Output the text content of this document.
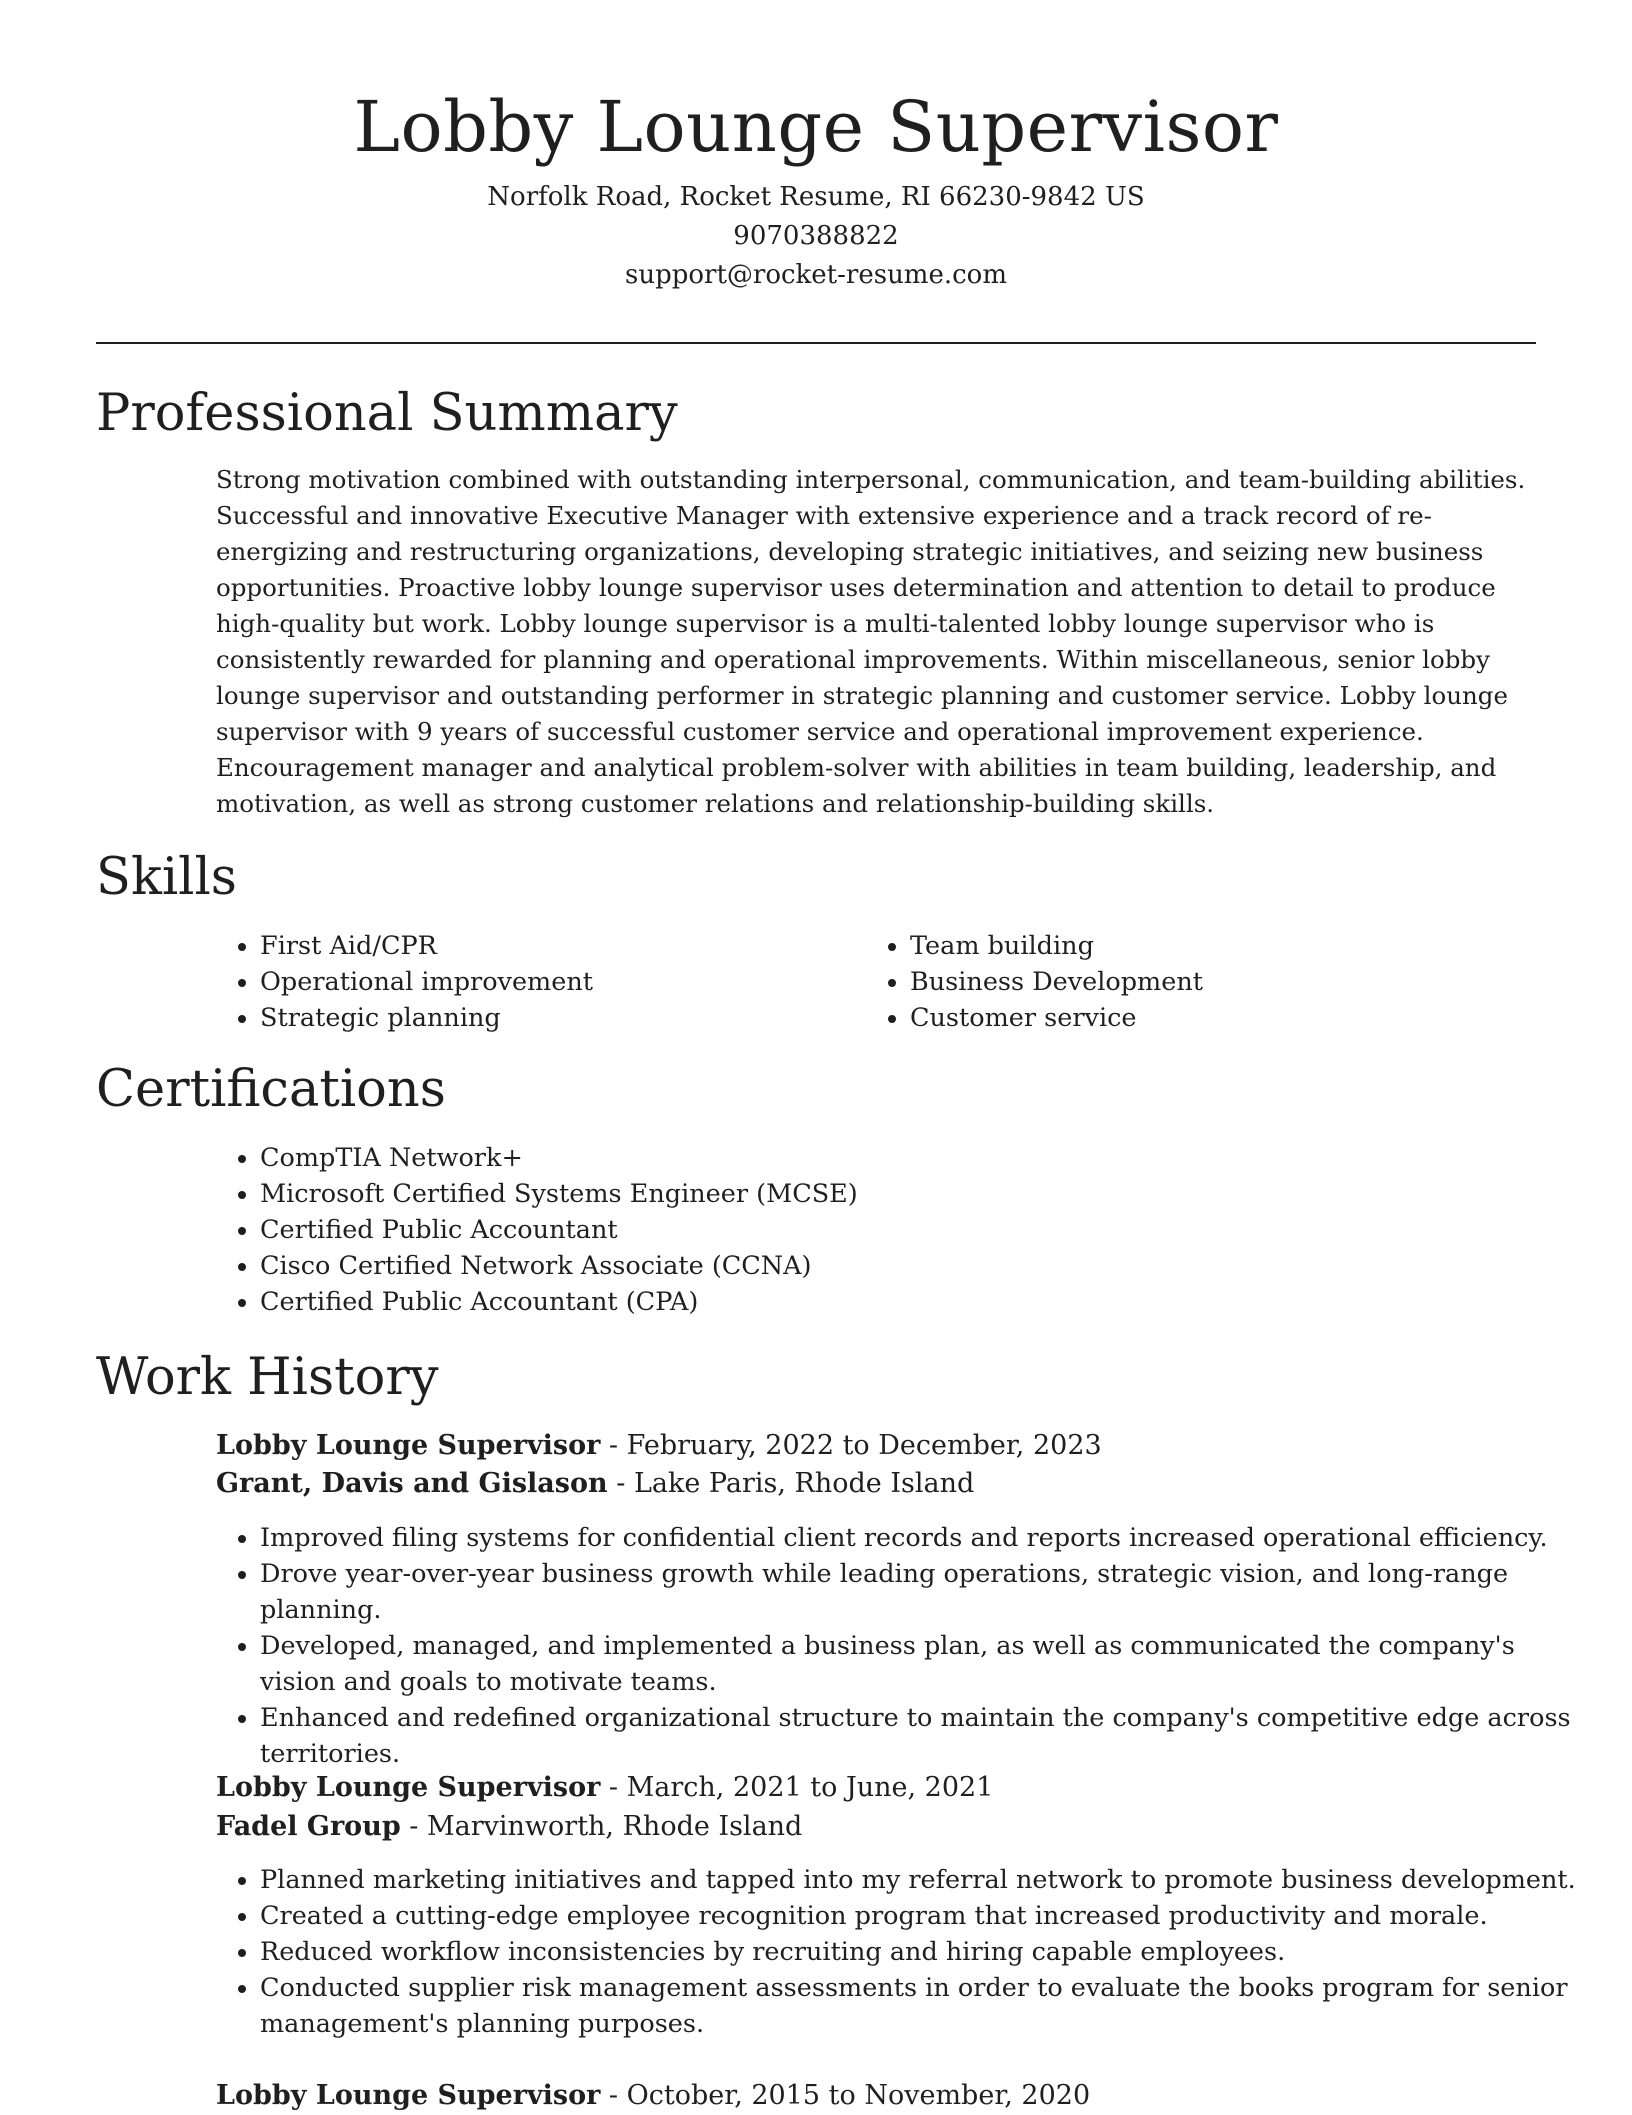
Lobby Lounge Supervisor
Norfolk Road, Rocket Resume, RI 66230-9842 US
9070388822
support@rocket-resume.com
Professional Summary

Strong motivation combined with outstanding interpersonal, communication, and team-building abilities. Successful and innovative Executive Manager with extensive experience and a track record of re-energizing and restructuring organizations, developing strategic initiatives, and seizing new business opportunities. Proactive lobby lounge supervisor uses determination and attention to detail to produce high-quality but work. Lobby lounge supervisor is a multi-talented lobby lounge supervisor who is consistently rewarded for planning and operational improvements. Within miscellaneous, senior lobby lounge supervisor and outstanding performer in strategic planning and customer service. Lobby lounge supervisor with 9 years of successful customer service and operational improvement experience. Encouragement manager and analytical problem-solver with abilities in team building, leadership, and motivation, as well as strong customer relations and relationship-building skills.

Skills
• First Aid/CPR
• Operational improvement
• Strategic planning
• Team building
• Business Development
• Customer service
Certifications
• CompTIA Network+
• Microsoft Certified Systems Engineer (MCSE)
• Certified Public Accountant
• Cisco Certified Network Associate (CCNA)
• Certified Public Accountant (CPA)
Work History
Lobby Lounge Supervisor - February, 2022 to December, 2023
Grant, Davis and Gislason - Lake Paris, Rhode Island
• Improved filing systems for confidential client records and reports increased operational efficiency.
• Drove year-over-year business growth while leading operations, strategic vision, and long-range planning.
• Developed, managed, and implemented a business plan, as well as communicated the company's vision and goals to motivate teams.
• Enhanced and redefined organizational structure to maintain the company's competitive edge across territories.
Lobby Lounge Supervisor - March, 2021 to June, 2021
Fadel Group - Marvinworth, Rhode Island
• Planned marketing initiatives and tapped into my referral network to promote business development.
• Created a cutting-edge employee recognition program that increased productivity and morale.
• Reduced workflow inconsistencies by recruiting and hiring capable employees.
• Conducted supplier risk management assessments in order to evaluate the books program for senior management's planning purposes.
Lobby Lounge Supervisor - October, 2015 to November, 2020
